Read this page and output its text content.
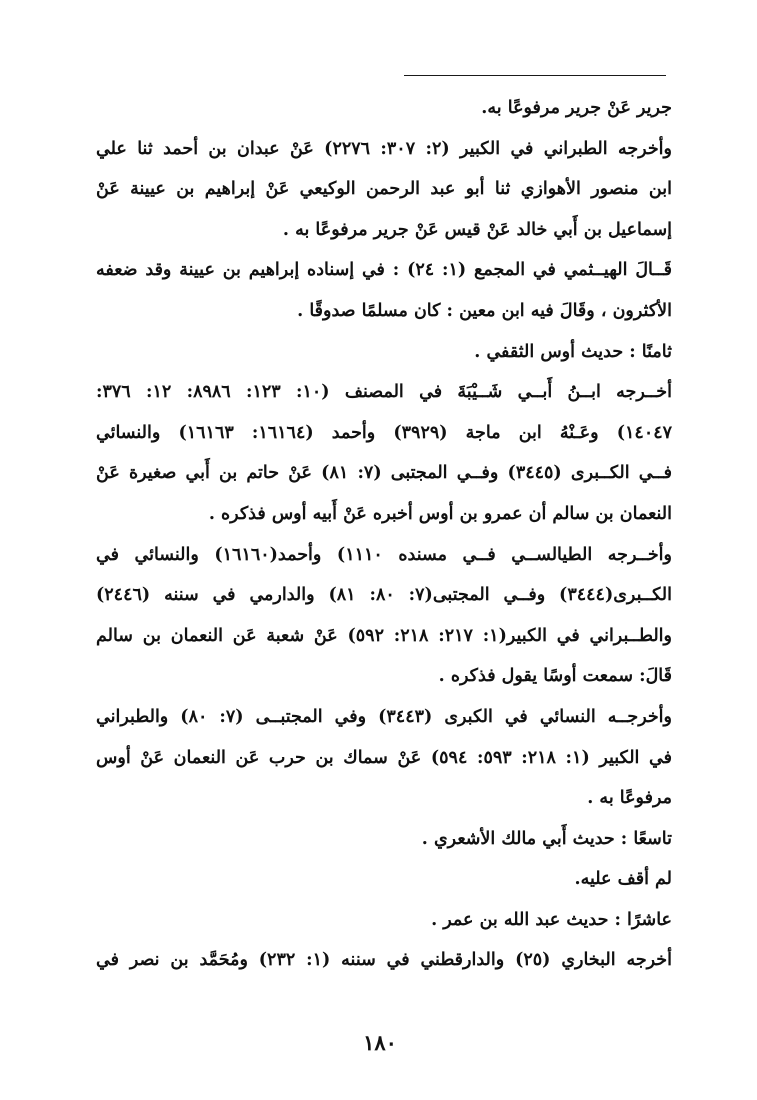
جرير عَنْ جرير مرفوعًا به.
وأخرجه الطبراني في الكبير (٢: ٣٠٧: ٢٢٧٦) عَنْ عبدان بن أحمد ثنا علي
ابن منصور الأهوازي ثنا أبو عبد الرحمن الوكيعي عَنْ إبراهيم بن عيينة عَنْ
إسماعيل بن أَبي خالد عَنْ قيس عَنْ جرير مرفوعًا به .
قَــالَ الهيــثمي في المجمع (١: ٢٤) : في إسناده إبراهيم بن عيينة وقد ضعفه
الأكثرون ، وقَالَ فيه ابن معين : كان مسلمًا صدوقًا .
ثامنًا : حديث أوس الثقفي .
أخــرجه ابــنُ أَبــي شَــيْبَةَ في المصنف (١٠: ١٢٣: ٨٩٨٦: ١٢: ٣٧٦:
١٤٠٤٧) وعَـنْهُ ابن ماجة (٣٩٢٩) وأحمد (١٦١٦٤: ١٦١٦٣) والنسائي
فــي الكــبرى (٣٤٤٥) وفــي المجتبى (٧: ٨١) عَنْ حاتم بن أَبي صغيرة عَنْ
النعمان بن سالم أن عمرو بن أوس أخبره عَنْ أَبيه أوس فذكره .
وأخــرجه الطيالســي فــي مسنده ١١١٠) وأحمد(١٦١٦٠) والنسائي في
الكــبرى(٣٤٤٤) وفــي المجتبى(٧: ٨٠: ٨١) والدارمي في سننه (٢٤٤٦)
والطــبراني في الكبير(١: ٢١٧: ٢١٨: ٥٩٢) عَنْ شعبة عَن النعمان بن سالم
قَالَ: سمعت أوسًا يقول فذكره .
وأخرجــه النسائي في الكبرى (٣٤٤٣) وفي المجتبــى (٧: ٨٠) والطبراني
في الكبير (١: ٢١٨: ٥٩٣: ٥٩٤) عَنْ سماك بن حرب عَن النعمان عَنْ أوس
مرفوعًا به .
تاسعًا : حديث أَبي مالك الأشعري .
لم أقف عليه.
عاشرًا : حديث عبد الله بن عمر .
أخرجه البخاري (٢٥) والدارقطني في سننه (١: ٢٣٢) ومُحَمَّد بن نصر في
١٨٠
